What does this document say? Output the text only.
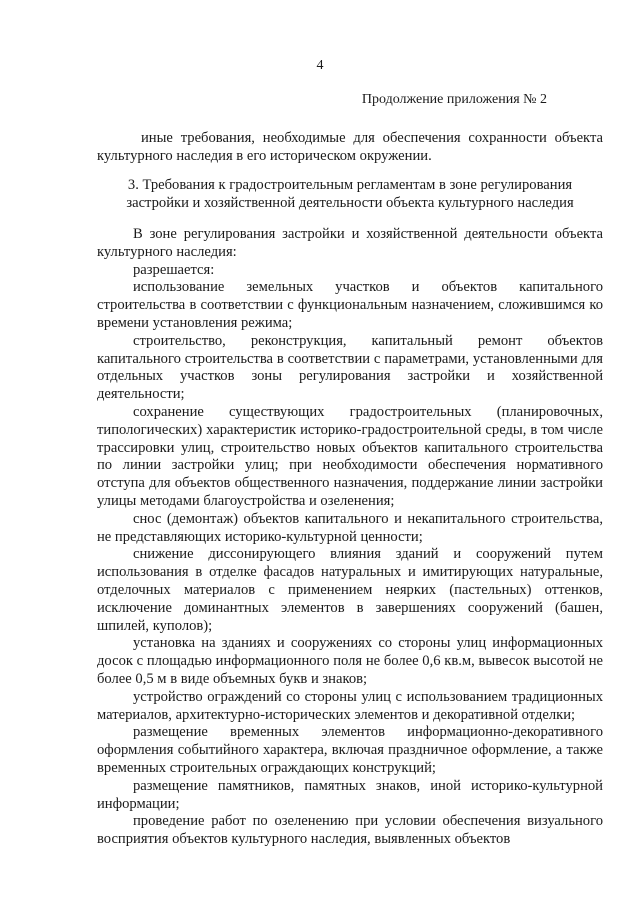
4
Продолжение приложения № 2

иные требования, необходимые для обеспечения сохранности объекта культурного наследия в его историческом окружении.

3. Требования к градостроительным регламентам в зоне регулирования
застройки и хозяйственной деятельности объекта культурного наследия

В зоне регулирования застройки и хозяйственной деятельности объекта культурного наследия:

разрешается:

использование земельных участков и объектов капитального строительства в соответствии с функциональным назначением, сложившимся ко времени установления режима;

строительство, реконструкция, капитальный ремонт объектов капитального строительства в соответствии с параметрами, установленными для отдельных участков зоны регулирования застройки и хозяйственной деятельности;

сохранение существующих градостроительных (планировочных, типологических) характеристик историко-градостроительной среды, в том числе трассировки улиц, строительство новых объектов капитального строительства по линии застройки улиц; при необходимости обеспечения нормативного отступа для объектов общественного назначения, поддержание линии застройки улицы методами благоустройства и озеленения;

снос (демонтаж) объектов капитального и некапитального строительства, не представляющих историко-культурной ценности;

снижение диссонирующего влияния зданий и сооружений путем использования в отделке фасадов натуральных и имитирующих натуральные, отделочных материалов с применением неярких (пастельных) оттенков, исключение доминантных элементов в завершениях сооружений (башен, шпилей, куполов);

установка на зданиях и сооружениях со стороны улиц информационных досок с площадью информационного поля не более 0,6 кв.м, вывесок высотой не более 0,5 м в виде объемных букв и знаков;

устройство ограждений со стороны улиц с использованием традиционных материалов, архитектурно-исторических элементов и декоративной отделки;

размещение временных элементов информационно-декоративного оформления событийного характера, включая праздничное оформление, а также временных строительных ограждающих конструкций;

размещение памятников, памятных знаков, иной историко-культурной информации;

проведение работ по озеленению при условии обеспечения визуального восприятия объектов культурного наследия, выявленных объектов
